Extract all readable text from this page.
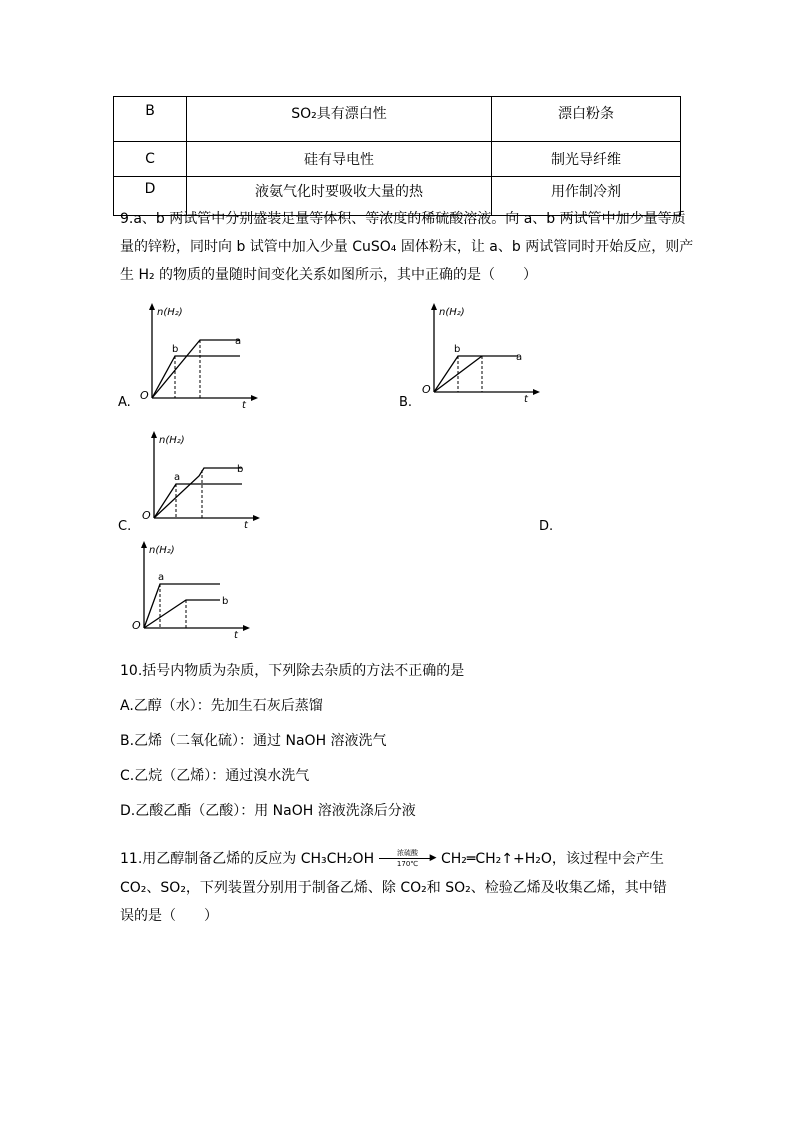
B	SO₂具有漂白性	漂白粉条
C	硅有导电性	制光导纤维
D	液氨气化时要吸收大量的热	用作制冷剂
9.a、b 两试管中分别盛装足量等体积、等浓度的稀硫酸溶液。向 a、b 两试管中加少量等质
量的锌粉，同时向 b 试管中加入少量 CuSO₄ 固体粉末，让 a、b 两试管同时开始反应，则产
生 H₂ 的物质的量随时间变化关系如图所示，其中正确的是（　　）
A.
n(H₂)
O
t
a
b
B.
n(H₂)
O
t
b
a
C.
n(H₂)
O
t
a
b
D.
n(H₂)
O
t
a
b
10.括号内物质为杂质，下列除去杂质的方法不正确的是
A.乙醇（水）：先加生石灰后蒸馏
B.乙烯（二氧化硫）：通过 NaOH 溶液洗气
C.乙烷（乙烯）：通过溴水洗气
D.乙酸乙酯（乙酸）：用 NaOH 溶液洗涤后分液
11.用乙醇制备乙烯的反应为 CH₃CH₂OH	浓硫酸	▶
170℃	CH₂═CH₂↑+H₂O，该过程中会产生
CO₂、SO₂，下列装置分别用于制备乙烯、除 CO₂和 SO₂、检验乙烯及收集乙烯，其中错
误的是（　　）
